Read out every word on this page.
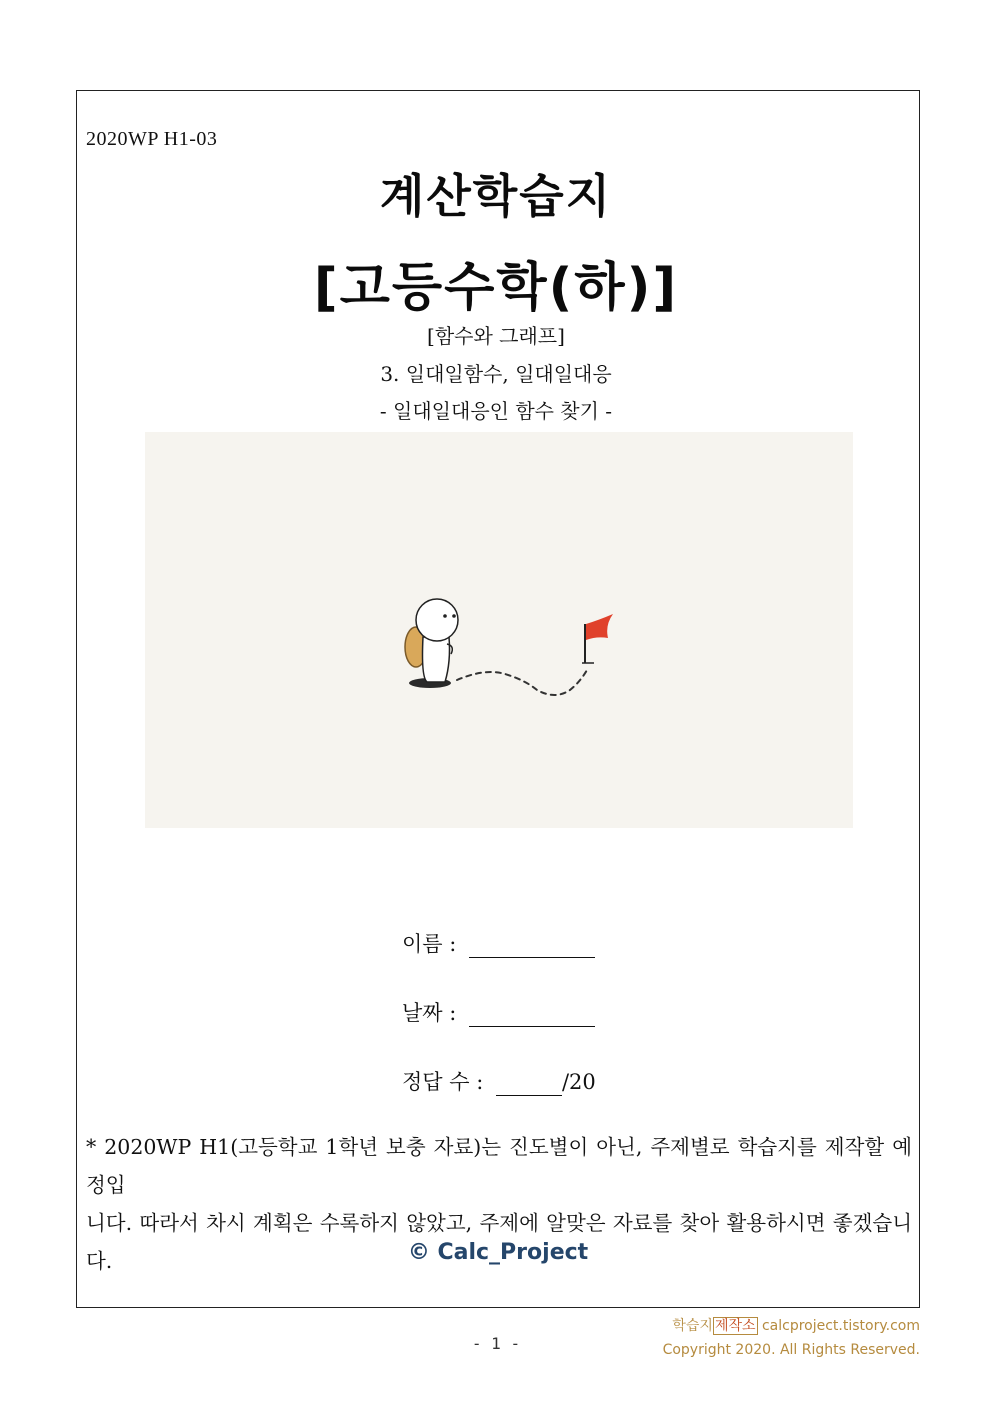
2020WP H1-03
계산학습지
[고등수학(하)]
[함수와 그래프]
3. 일대일함수, 일대일대응
- 일대일대응인 함수 찾기 -
이름 :
날짜 :
정답 수 :	/20
* 2020WP H1(고등학교 1학년 보충 자료)는 진도별이 아닌, 주제별로 학습지를 제작할 예정입
니다. 따라서 차시 계획은 수록하지 않았고, 주제에 알맞은 자료를 찾아 활용하시면 좋겠습니다.	© Calc_Project
- 1 -
학습지 제작소 calcproject.tistory.com
Copyright 2020. All Rights Reserved.
